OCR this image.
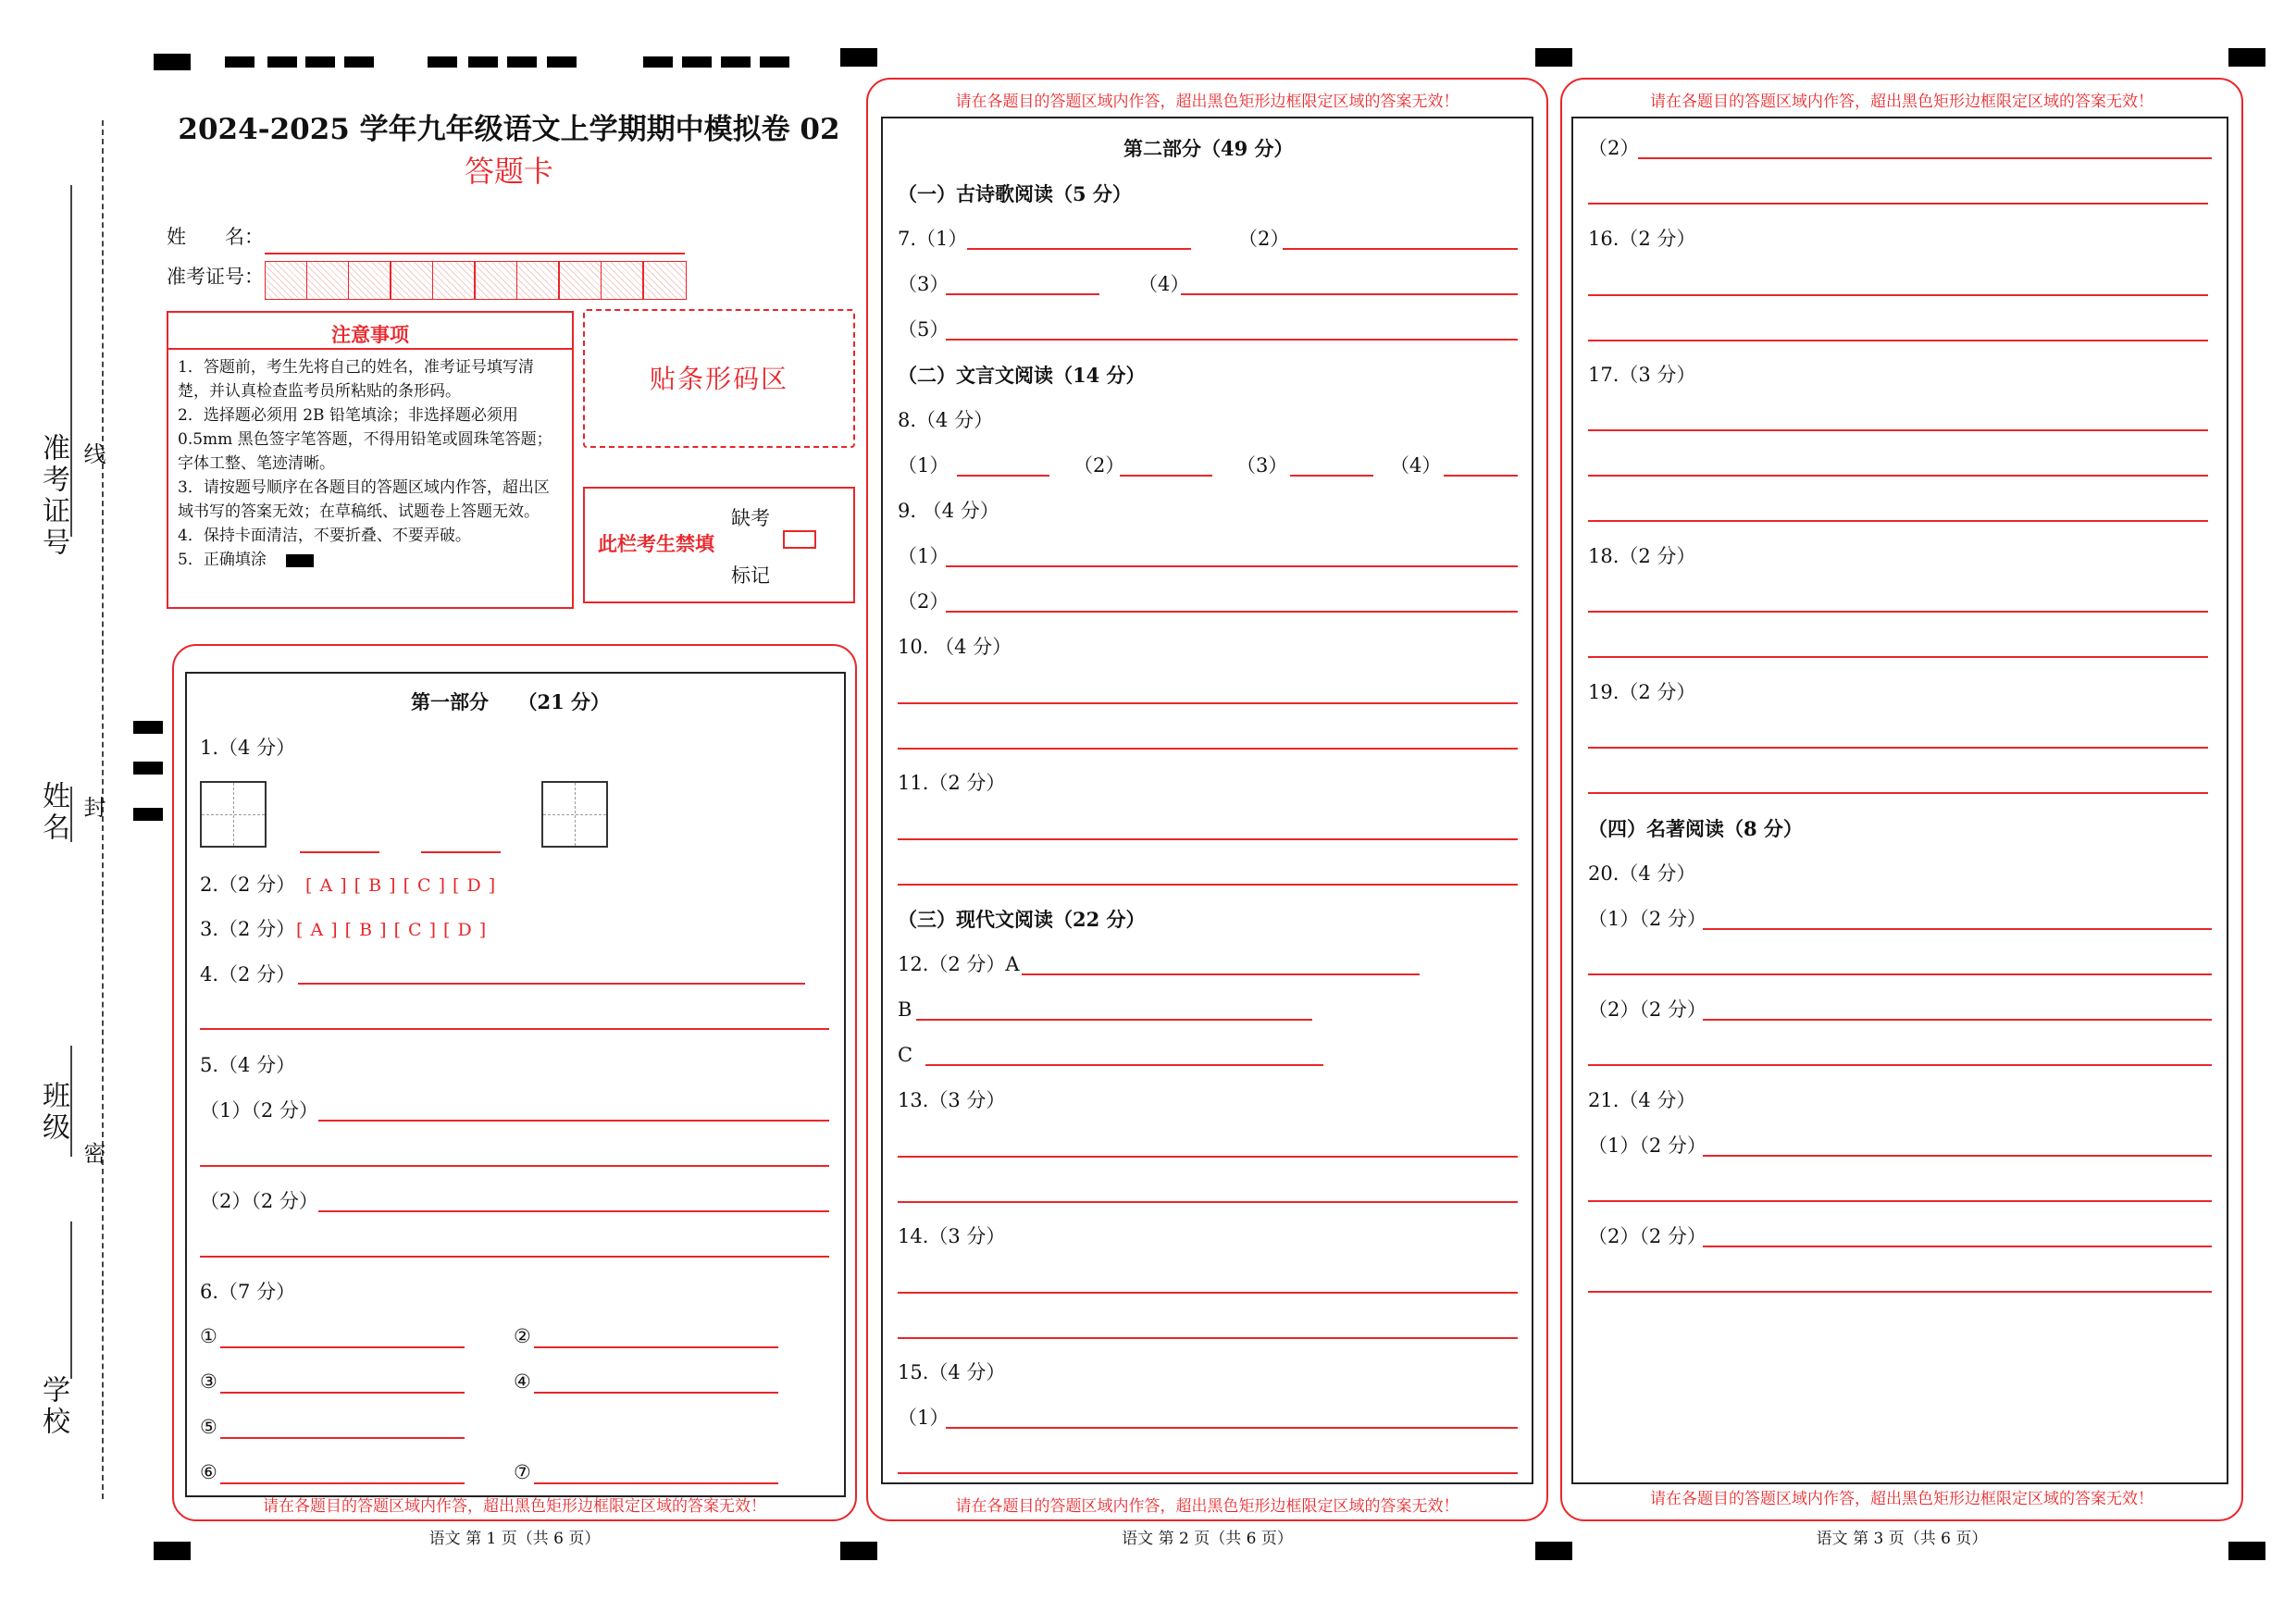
准考证号 线
姓名 封
班级
密
学校
2024-2025 学年九年级语文上学期期中模拟卷 02
答题卡
姓　　名：
准考证号：
注意事项
1．答题前，考生先将自己的姓名，准考证号填写清楚，并认真检查监考员所粘贴的条形码。
2．选择题必须用 2B 铅笔填涂；非选择题必须用 0.5mm 黑色签字笔答题，不得用铅笔或圆珠笔答题；字体工整、笔迹清晰。
3．请按题号顺序在各题目的答题区域内作答，超出区域书写的答案无效；在草稿纸、试题卷上答题无效。
4．保持卡面清洁，不要折叠、不要弄破。
5．正确填涂
贴条形码区
此栏考生禁填
缺考
标记
第一部分　　（21 分）
1.（4 分）
2.（2 分） [ A ] [ B ] [ C ] [ D ]
3.（2 分） [ A ] [ B ] [ C ] [ D ]
4.（2 分）
5.（4 分）
（1）（2 分）
（2）（2 分）
6.（7 分）
①	②
③	④
⑤
⑥	⑦
请在各题目的答题区域内作答，超出黑色矩形边框限定区域的答案无效！
语文 第 1 页（共 6 页）
请在各题目的答题区域内作答，超出黑色矩形边框限定区域的答案无效！
第二部分（49 分）
（一）古诗歌阅读（5 分）
7.（1）	（2）
（3）	（4）
（5）
（二）文言文阅读（14 分）
8.（4 分）
（1）	（2）	（3）	（4）
9. （4 分）
（1）
（2）
10. （4 分）
11.（2 分）
（三）现代文阅读（22 分）
12.（2 分）A
B
C
13.（3 分）
14.（3 分）
15.（4 分）
（1）
请在各题目的答题区域内作答，超出黑色矩形边框限定区域的答案无效！
语文 第 2 页（共 6 页）
请在各题目的答题区域内作答，超出黑色矩形边框限定区域的答案无效！
（2）
16.（2 分）
17.（3 分）
18.（2 分）
19.（2 分）
（四）名著阅读（8 分）
20.（4 分）
（1）（2 分）
（2）（2 分）
21.（4 分）
（1）（2 分）
（2）（2 分）
请在各题目的答题区域内作答，超出黑色矩形边框限定区域的答案无效！
语文 第 3 页（共 6 页）
